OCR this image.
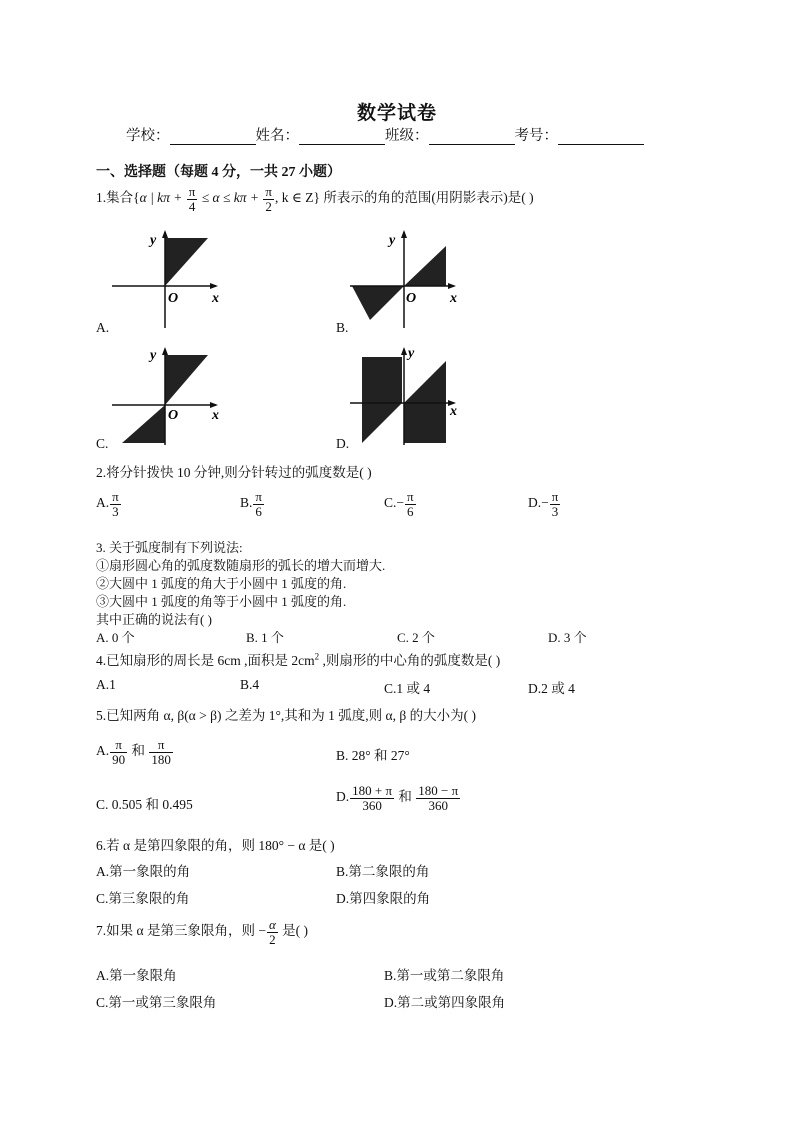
数学试卷
学校：	姓名：	班级：	考号：
一、选择题（每题 4 分，一共 27 小题）
1.集合{α | $k\pi + \frac{\pi}{4} \le \alpha \le k\pi + \frac{\pi}{2}$ , k ∈ Z} 所表示的角的范围(用阴影表示)是( )
y
x
O
A.
y
x
O
B.
y
x
O
C.
y
x
O
D.
2.将分针拨快 10 分钟,则分针转过的弧度数是( )
A. $\frac{\pi}{3}$	B. $\frac{\pi}{6}$	$C.- \frac{\pi}{6}$	$D.- \frac{\pi}{3}$
3. 关于弧度制有下列说法:
①扇形圆心角的弧度数随扇形的弧长的增大而增大.
②大圆中 1 弧度的角大于小圆中 1 弧度的角.
③大圆中 1 弧度的角等于小圆中 1 弧度的角.
其中正确的说法有( )
A. 0 个	B. 1 个	C. 2 个	D. 3 个
4.已知扇形的周长是 6cm ,面积是 $2cm^2$ ,则扇形的中心角的弧度数是( )
A.1	B.4	C.1 或 4	D.2 或 4
5.已知两角 α, β(α > β) 之差为 1°,其和为 1 弧度,则 α, β 的大小为( )
A. $\frac{\pi}{90}$ 和 $\frac{\pi}{180}$	B. 28° 和 27°
C. 0.505 和 0.495
D. $\frac{180 + \pi}{360}$ 和 $\frac{180 - \pi}{360}$
6.若 α 是第四象限的角，则 180° − α 是( )
A.第一象限的角	B.第二象限的角
C.第三象限的角	D.第四象限的角
7.如果 α 是第三象限角，则 − $\frac{\alpha}{2}$ 是( )
A.第一象限角	B.第一或第二象限角
C.第一或第三象限角	D.第二或第四象限角
